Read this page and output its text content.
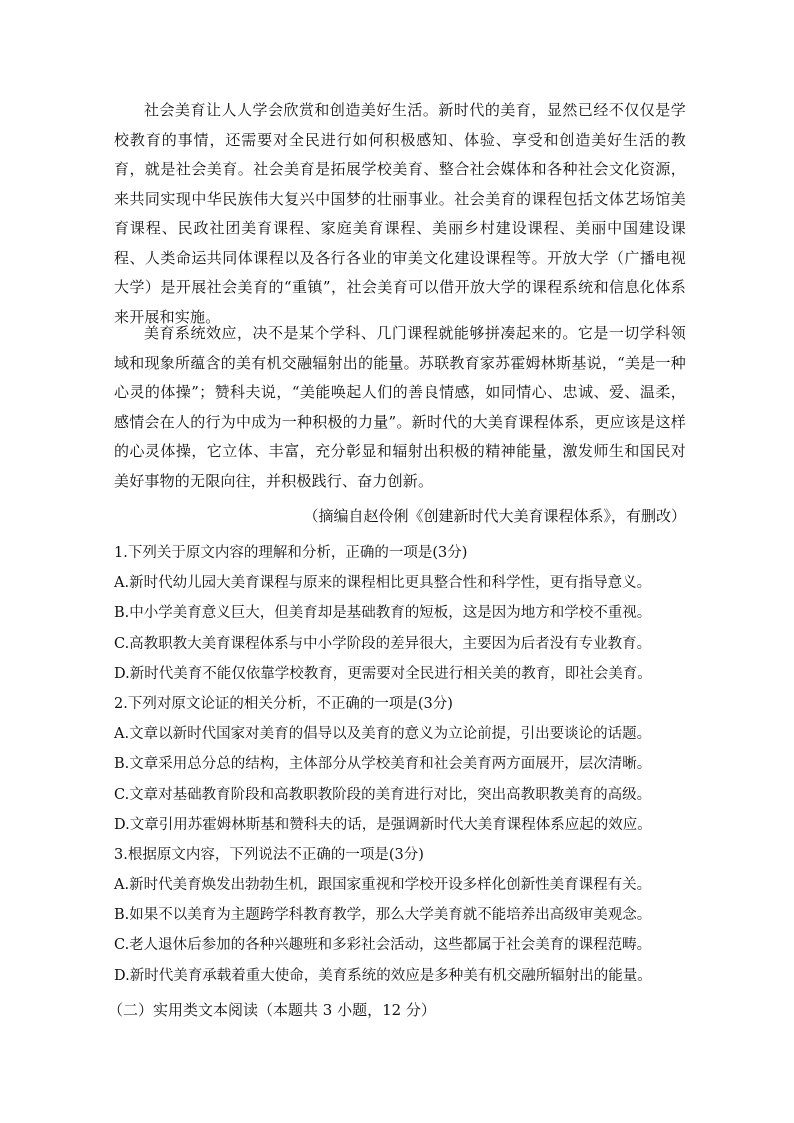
社会美育让人人学会欣赏和创造美好生活。新时代的美育，显然已经不仅仅是学校教育的事情，还需要对全民进行如何积极感知、体验、享受和创造美好生活的教育，就是社会美育。社会美育是拓展学校美育、整合社会媒体和各种社会文化资源，来共同实现中华民族伟大复兴中国梦的壮丽事业。社会美育的课程包括文体艺场馆美育课程、民政社团美育课程、家庭美育课程、美丽乡村建设课程、美丽中国建设课程、人类命运共同体课程以及各行各业的审美文化建设课程等。开放大学（广播电视大学）是开展社会美育的“重镇”，社会美育可以借开放大学的课程系统和信息化体系来开展和实施。

美育系统效应，决不是某个学科、几门课程就能够拼凑起来的。它是一切学科领域和现象所蕴含的美有机交融辐射出的能量。苏联教育家苏霍姆林斯基说，“美是一种心灵的体操”；赞科夫说，“美能唤起人们的善良情感，如同情心、忠诚、爱、温柔，感情会在人的行为中成为一种积极的力量”。新时代的大美育课程体系，更应该是这样的心灵体操，它立体、丰富，充分彰显和辐射出积极的精神能量，激发师生和国民对美好事物的无限向往，并积极践行、奋力创新。

（摘编自赵伶俐《创建新时代大美育课程体系》，有删改）

1.下列关于原文内容的理解和分析，正确的一项是(3分)

A.新时代幼儿园大美育课程与原来的课程相比更具整合性和科学性，更有指导意义。

B.中小学美育意义巨大，但美育却是基础教育的短板，这是因为地方和学校不重视。

C.高教职教大美育课程体系与中小学阶段的差异很大，主要因为后者没有专业教育。

D.新时代美育不能仅依靠学校教育，更需要对全民进行相关美的教育，即社会美育。

2.下列对原文论证的相关分析，不正确的一项是(3分)

A.文章以新时代国家对美育的倡导以及美育的意义为立论前提，引出要谈论的话题。

B.文章采用总分总的结构，主体部分从学校美育和社会美育两方面展开，层次清晰。

C.文章对基础教育阶段和高教职教阶段的美育进行对比，突出高教职教美育的高级。

D.文章引用苏霍姆林斯基和赞科夫的话，是强调新时代大美育课程体系应起的效应。

3.根据原文内容，下列说法不正确的一项是(3分)

A.新时代美育焕发出勃勃生机，跟国家重视和学校开设多样化创新性美育课程有关。

B.如果不以美育为主题跨学科教育教学，那么大学美育就不能培养出高级审美观念。

C.老人退休后参加的各种兴趣班和多彩社会活动，这些都属于社会美育的课程范畴。

D.新时代美育承载着重大使命，美育系统的效应是多种美有机交融所辐射出的能量。

（二）实用类文本阅读（本题共 3 小题，12 分）
